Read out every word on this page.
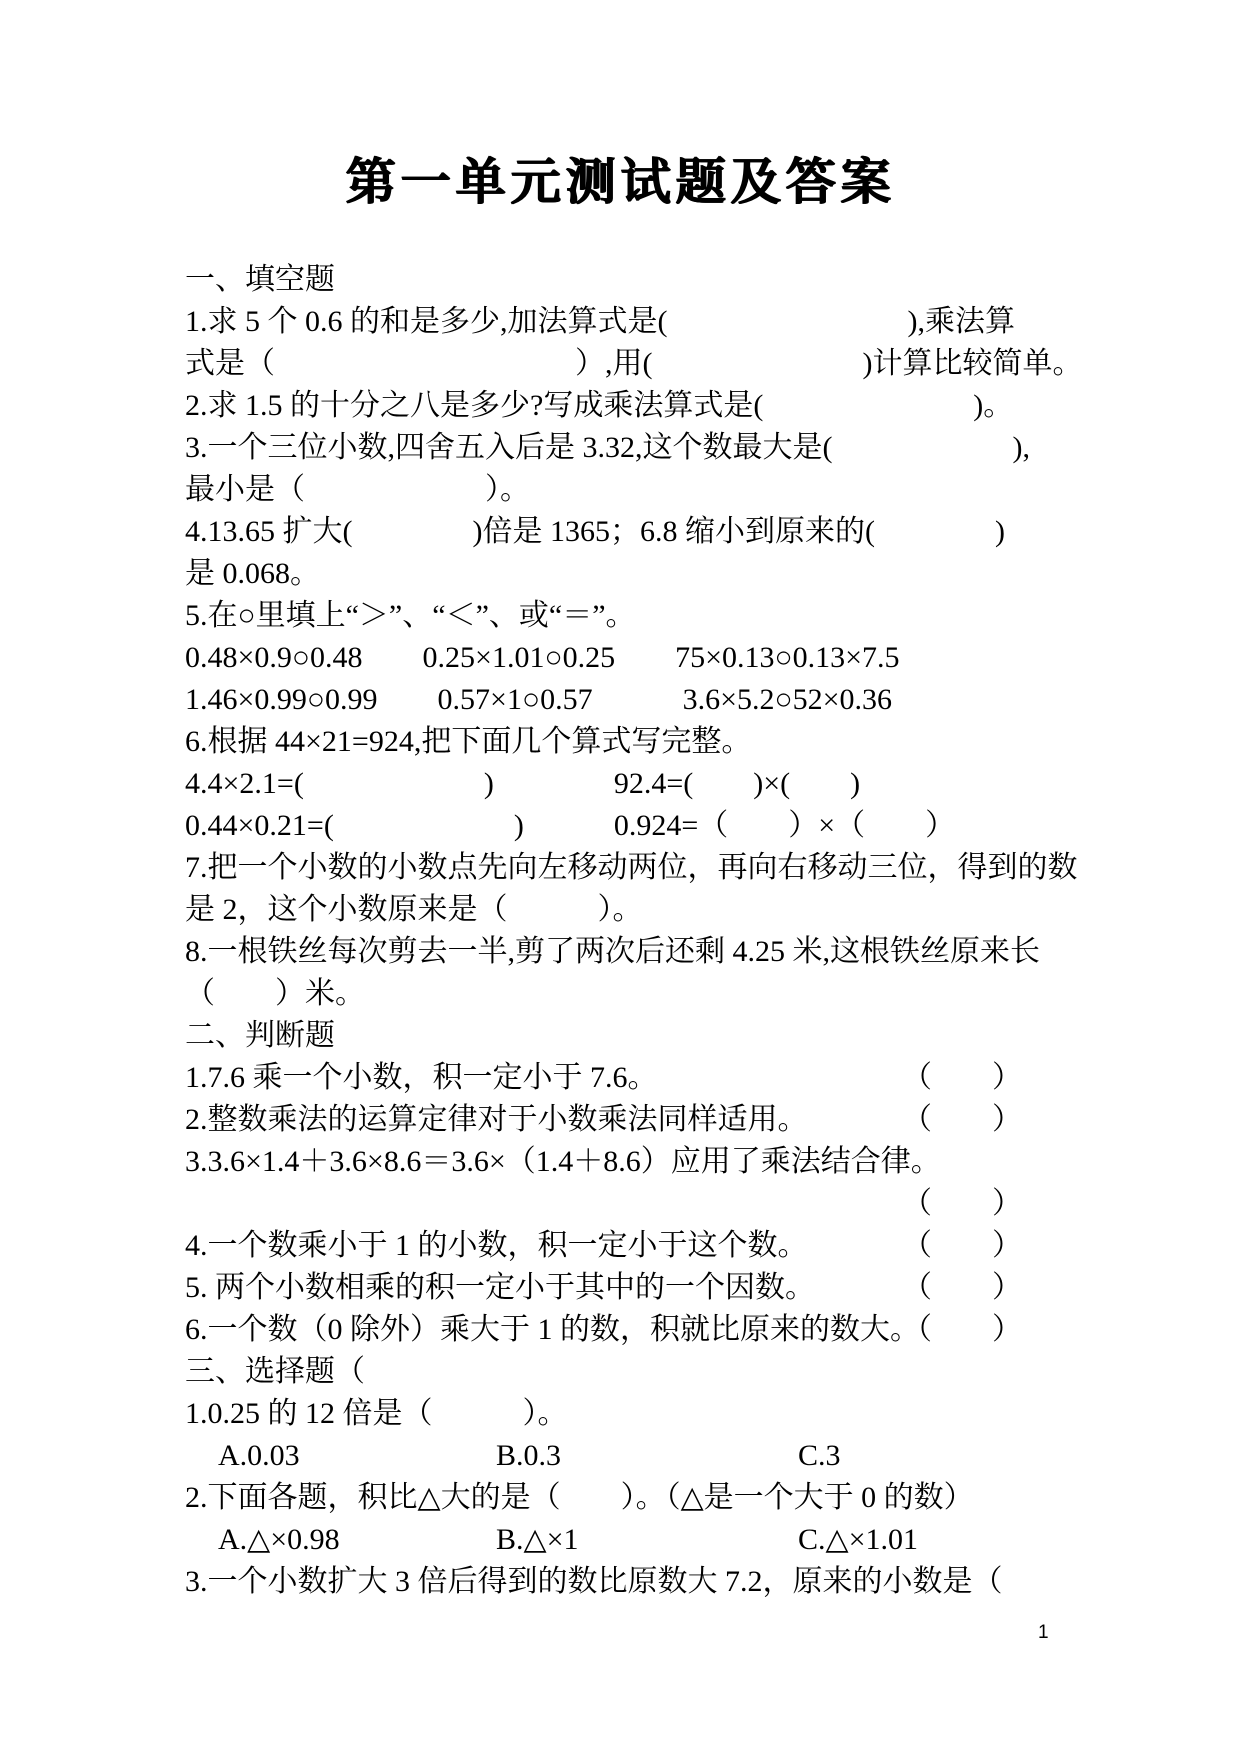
第一单元测试题及答案
一、填空题
1.求 5 个 0.6 的和是多少,加法算式是(　　　　　　　　),乘法算
式是（　　　　　　　　　　）,用(　　　　　　　)计算比较简单。
2.求 1.5 的十分之八是多少?写成乘法算式是(　　　　　　　)。
3.一个三位小数,四舍五入后是 3.32,这个数最大是(　　　　　　),
最小是（　　　　　　）。
4.13.65 扩大(　　　　)倍是 1365；6.8 缩小到原来的(　　　　)
是 0.068。
5.在○里填上“＞”、“＜”、或“＝”。
0.48×0.9○0.48　　0.25×1.01○0.25　　75×0.13○0.13×7.5
1.46×0.99○0.99　　0.57×1○0.57　　　3.6×5.2○52×0.36
6.根据 44×21=924,把下面几个算式写完整。
4.4×2.1=(　　　　　　)　　　　92.4=(　　)×(　　)
0.44×0.21=(　　　　　　)　　　0.924=（　　）×（　　）
7.把一个小数的小数点先向左移动两位，再向右移动三位，得到的数
是 2，这个小数原来是（　　　）。
8.一根铁丝每次剪去一半,剪了两次后还剩 4.25 米,这根铁丝原来长
（　　）米。
二、判断题
1.7.6 乘一个小数，积一定小于 7.6。	（　　）
2.整数乘法的运算定律对于小数乘法同样适用。	（　　）
3.3.6×1.4＋3.6×8.6＝3.6×（1.4＋8.6）应用了乘法结合律。
（　　）
4.一个数乘小于 1 的小数，积一定小于这个数。	（　　）
5. 两个小数相乘的积一定小于其中的一个因数。	（　　）
6.一个数（0 除外）乘大于 1 的数，积就比原来的数大。
（　　）
三、选择题（
1.0.25 的 12 倍是（　　　）。
A.0.03	B.0.3	C.3
2.下面各题，积比△大的是（　　）。（△是一个大于 0 的数）
A.△×0.98	B.△×1	C.△×1.01
3.一个小数扩大 3 倍后得到的数比原数大 7.2，原来的小数是（
1
